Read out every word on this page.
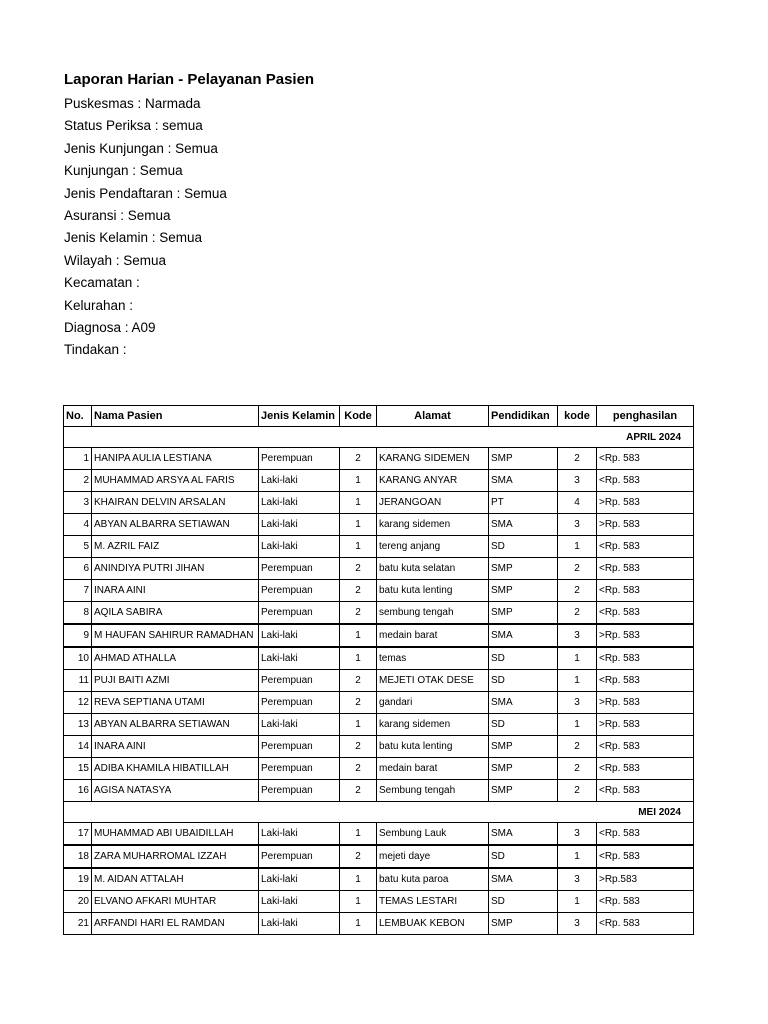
Laporan Harian - Pelayanan Pasien
Puskesmas : Narmada
Status Periksa : semua
Jenis Kunjungan : Semua
Kunjungan : Semua
Jenis Pendaftaran : Semua
Asuransi : Semua
Jenis Kelamin : Semua
Wilayah : Semua
Kecamatan :
Kelurahan :
Diagnosa : A09
Tindakan :
No.	Nama Pasien	Jenis Kelamin	Kode	Alamat	Pendidikan	kode	penghasilan
APRIL 2024							
1	HANIPA AULIA LESTIANA	Perempuan	2	KARANG SIDEMEN	SMP	2	<Rp. 583
2	MUHAMMAD ARSYA AL FARIS	Laki-laki	1	KARANG ANYAR	SMA	3	<Rp. 583
3	KHAIRAN DELVIN ARSALAN	Laki-laki	1	JERANGOAN	PT	4	>Rp. 583
4	ABYAN ALBARRA SETIAWAN	Laki-laki	1	karang sidemen	SMA	3	>Rp. 583
5	M. AZRIL FAIZ	Laki-laki	1	tereng anjang	SD	1	<Rp. 583
6	ANINDIYA PUTRI JIHAN	Perempuan	2	batu kuta selatan	SMP	2	<Rp. 583
7	INARA AINI	Perempuan	2	batu kuta lenting	SMP	2	<Rp. 583
8	AQILA SABIRA	Perempuan	2	sembung tengah	SMP	2	<Rp. 583
9	M HAUFAN SAHIRUR RAMADHAN	Laki-laki	1	medain barat	SMA	3	>Rp. 583
10	AHMAD ATHALLA	Laki-laki	1	temas	SD	1	<Rp. 583
11	PUJI BAITI AZMI	Perempuan	2	MEJETI OTAK DESE	SD	1	<Rp. 583
12	REVA SEPTIANA UTAMI	Perempuan	2	gandari	SMA	3	>Rp. 583
13	ABYAN ALBARRA SETIAWAN	Laki-laki	1	karang sidemen	SD	1	>Rp. 583
14	INARA AINI	Perempuan	2	batu kuta lenting	SMP	2	<Rp. 583
15	ADIBA KHAMILA HIBATILLAH	Perempuan	2	medain barat	SMP	2	<Rp. 583
16	AGISA NATASYA	Perempuan	2	Sembung tengah	SMP	2	<Rp. 583
MEI 2024							
17	MUHAMMAD ABI UBAIDILLAH	Laki-laki	1	Sembung Lauk	SMA	3	<Rp. 583
18	ZARA MUHARROMAL IZZAH	Perempuan	2	mejeti daye	SD	1	<Rp. 583
19	M. AIDAN ATTALAH	Laki-laki	1	batu kuta paroa	SMA	3	>Rp.583
20	ELVANO AFKARI MUHTAR	Laki-laki	1	TEMAS LESTARI	SD	1	<Rp. 583
21	ARFANDI HARI EL RAMDAN	Laki-laki	1	LEMBUAK KEBON	SMP	3	<Rp. 583
